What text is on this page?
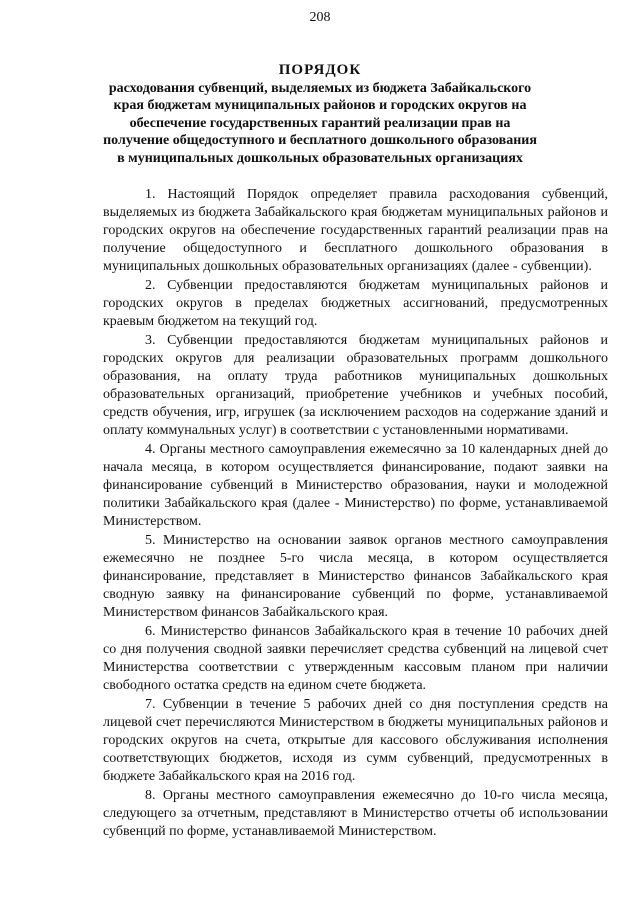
208
ПОРЯДОК
расходования субвенций, выделяемых из бюджета Забайкальского края бюджетам муниципальных районов и городских округов на обеспечение государственных гарантий реализации прав на получение общедоступного и бесплатного дошкольного образования в муниципальных дошкольных образовательных организациях

1. Настоящий Порядок определяет правила расходования субвенций, выделяемых из бюджета Забайкальского края бюджетам муниципальных районов и городских округов на обеспечение государственных гарантий реализации прав на получение общедоступного и бесплатного дошкольного образования в муниципальных дошкольных образовательных организациях (далее - субвенции).

2. Субвенции предоставляются бюджетам муниципальных районов и городских округов в пределах бюджетных ассигнований, предусмотренных краевым бюджетом на текущий год.

3. Субвенции предоставляются бюджетам муниципальных районов и городских округов для реализации образовательных программ дошкольного образования, на оплату труда работников муниципальных дошкольных образовательных организаций, приобретение учебников и учебных пособий, средств обучения, игр, игрушек (за исключением расходов на содержание зданий и оплату коммунальных услуг) в соответствии с установленными нормативами.

4. Органы местного самоуправления ежемесячно за 10 календарных дней до начала месяца, в котором осуществляется финансирование, подают заявки на финансирование субвенций в Министерство образования, науки и молодежной политики Забайкальского края (далее - Министерство) по форме, устанавливаемой Министерством.

5. Министерство на основании заявок органов местного самоуправления ежемесячно не позднее 5-го числа месяца, в котором осуществляется финансирование, представляет в Министерство финансов Забайкальского края сводную заявку на финансирование субвенций по форме, устанавливаемой Министерством финансов Забайкальского края.

6. Министерство финансов Забайкальского края в течение 10 рабочих дней со дня получения сводной заявки перечисляет средства субвенций на лицевой счет Министерства соответствии с утвержденным кассовым планом при наличии свободного остатка средств на едином счете бюджета.

7. Субвенции в течение 5 рабочих дней со дня поступления средств на лицевой счет перечисляются Министерством в бюджеты муниципальных районов и городских округов на счета, открытые для кассового обслуживания исполнения соответствующих бюджетов, исходя из сумм субвенций, предусмотренных в бюджете Забайкальского края на 2016 год.

8. Органы местного самоуправления ежемесячно до 10-го числа месяца, следующего за отчетным, представляют в Министерство отчеты об использовании субвенций по форме, устанавливаемой Министерством.
